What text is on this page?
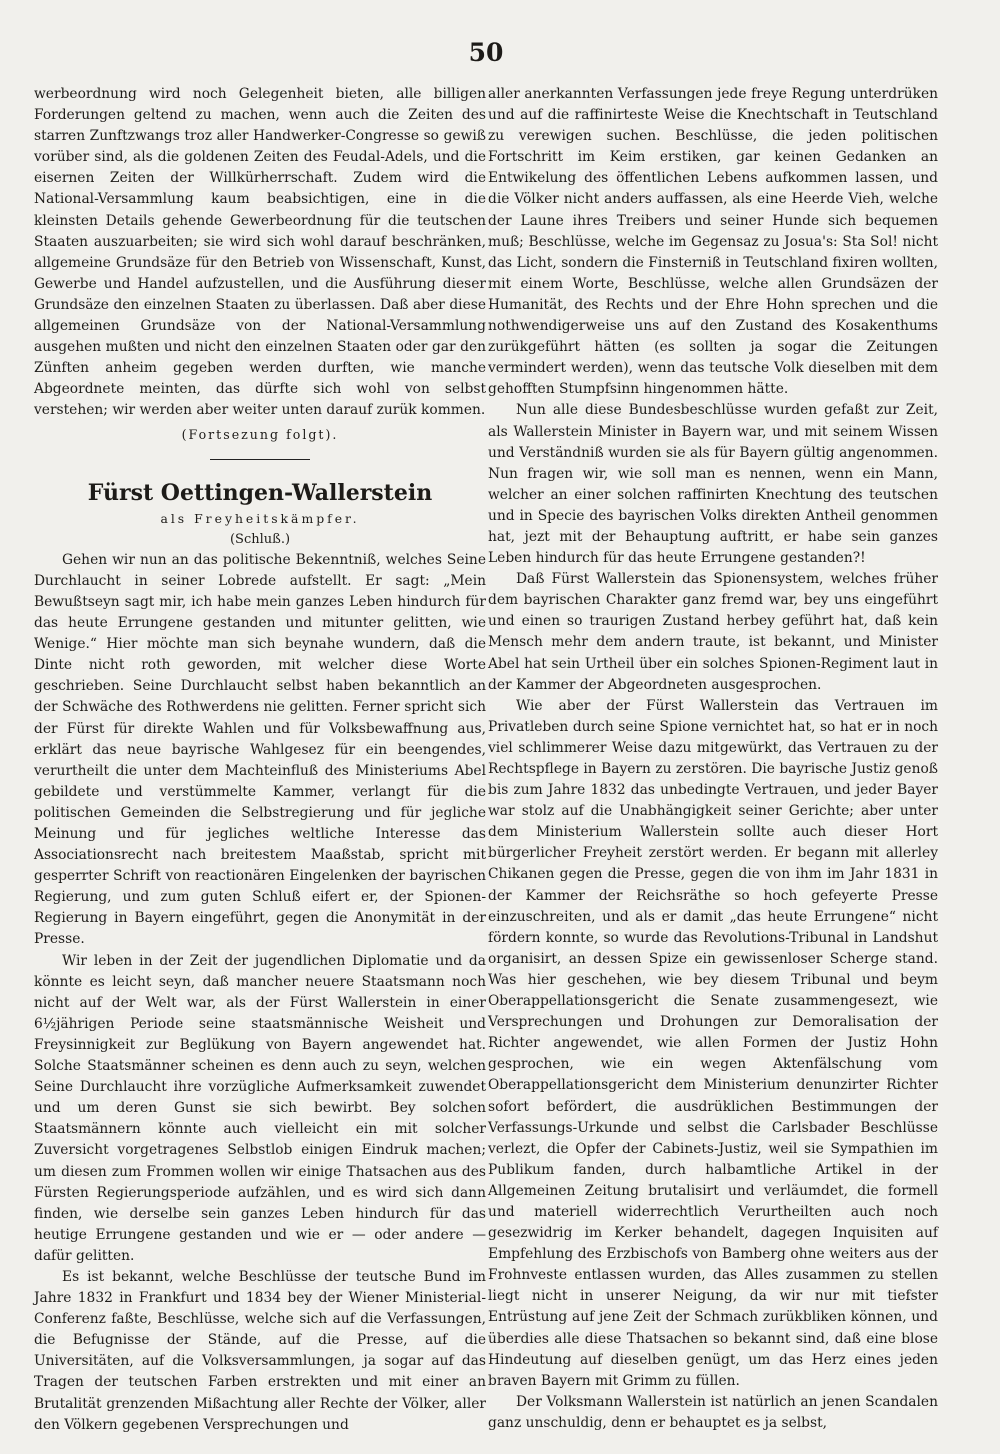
50

werbeordnung wird noch Gelegenheit bieten, alle billigen Forderungen geltend zu machen, wenn auch die Zeiten des starren Zunftzwangs troz aller Handwerker-Congresse so gewiß vorüber sind, als die goldenen Zeiten des Feudal-Adels, und die eisernen Zeiten der Willkürherrschaft. Zudem wird die National-Versammlung kaum beabsichtigen, eine in die kleinsten Details gehende Gewerbeordnung für die teutschen Staaten auszuarbeiten; sie wird sich wohl darauf beschränken, allgemeine Grundsäze für den Betrieb von Wissenschaft, Kunst, Gewerbe und Handel aufzustellen, und die Ausführung dieser Grundsäze den einzelnen Staaten zu überlassen. Daß aber diese allgemeinen Grundsäze von der National-Versammlung ausgehen mußten und nicht den einzelnen Staaten oder gar den Zünften anheim gegeben werden durften, wie manche Abgeordnete meinten, das dürfte sich wohl von selbst verstehen; wir werden aber weiter unten darauf zurük kommen.

(Fortsezung folgt).

Fürst Oettingen-Wallerstein

als Freyheitskämpfer.

(Schluß.)

Gehen wir nun an das politische Bekenntniß, welches Seine Durchlaucht in seiner Lobrede aufstellt. Er sagt: „Mein Bewußtseyn sagt mir, ich habe mein ganzes Leben hindurch für das heute Errungene gestanden und mitunter gelitten, wie Wenige.“ Hier möchte man sich beynahe wundern, daß die Dinte nicht roth geworden, mit welcher diese Worte geschrieben. Seine Durchlaucht selbst haben bekanntlich an der Schwäche des Rothwerdens nie gelitten. Ferner spricht sich der Fürst für direkte Wahlen und für Volksbewaffnung aus, erklärt das neue bayrische Wahlgesez für ein beengendes, verurtheilt die unter dem Machteinfluß des Ministeriums Abel gebildete und verstümmelte Kammer, verlangt für die politischen Gemeinden die Selbstregierung und für jegliche Meinung und für jegliches weltliche Interesse das Associationsrecht nach breitestem Maaßstab, spricht mit gesperrter Schrift von reactionären Eingelenken der bayrischen Regierung, und zum guten Schluß eifert er, der Spionen-Regierung in Bayern eingeführt, gegen die Anonymität in der Presse.

Wir leben in der Zeit der jugendlichen Diplomatie und da könnte es leicht seyn, daß mancher neuere Staatsmann noch nicht auf der Welt war, als der Fürst Wallerstein in einer 6½jährigen Periode seine staatsmännische Weisheit und Freysinnigkeit zur Beglükung von Bayern angewendet hat. Solche Staatsmänner scheinen es denn auch zu seyn, welchen Seine Durchlaucht ihre vorzügliche Aufmerksamkeit zuwendet und um deren Gunst sie sich bewirbt. Bey solchen Staatsmännern könnte auch vielleicht ein mit solcher Zuversicht vorgetragenes Selbstlob einigen Eindruk machen; um diesen zum Frommen wollen wir einige Thatsachen aus des Fürsten Regierungsperiode aufzählen, und es wird sich dann finden, wie derselbe sein ganzes Leben hindurch für das heutige Errungene gestanden und wie er — oder andere — dafür gelitten.

Es ist bekannt, welche Beschlüsse der teutsche Bund im Jahre 1832 in Frankfurt und 1834 bey der Wiener Ministerial-Conferenz faßte, Beschlüsse, welche sich auf die Verfassungen, die Befugnisse der Stände, auf die Presse, auf die Universitäten, auf die Volksversammlungen, ja sogar auf das Tragen der teutschen Farben erstrekten und mit einer an Brutalität grenzenden Mißachtung aller Rechte der Völker, aller den Völkern gegebenen Versprechungen und

aller anerkannten Verfassungen jede freye Regung unterdrüken und auf die raffinirteste Weise die Knechtschaft in Teutschland zu verewigen suchen. Beschlüsse, die jeden politischen Fortschritt im Keim erstiken, gar keinen Gedanken an Entwikelung des öffentlichen Lebens aufkommen lassen, und die Völker nicht anders auffassen, als eine Heerde Vieh, welche der Laune ihres Treibers und seiner Hunde sich bequemen muß; Beschlüsse, welche im Gegensaz zu Josua's: Sta Sol! nicht das Licht, sondern die Finsterniß in Teutschland fixiren wollten, mit einem Worte, Beschlüsse, welche allen Grundsäzen der Humanität, des Rechts und der Ehre Hohn sprechen und die nothwendigerweise uns auf den Zustand des Kosakenthums zurükgeführt hätten (es sollten ja sogar die Zeitungen vermindert werden), wenn das teutsche Volk dieselben mit dem gehofften Stumpfsinn hingenommen hätte.

Nun alle diese Bundesbeschlüsse wurden gefaßt zur Zeit, als Wallerstein Minister in Bayern war, und mit seinem Wissen und Verständniß wurden sie als für Bayern gültig angenommen. Nun fragen wir, wie soll man es nennen, wenn ein Mann, welcher an einer solchen raffinirten Knechtung des teutschen und in Specie des bayrischen Volks direkten Antheil genommen hat, jezt mit der Behauptung auftritt, er habe sein ganzes Leben hindurch für das heute Errungene gestanden?!

Daß Fürst Wallerstein das Spionensystem, welches früher dem bayrischen Charakter ganz fremd war, bey uns eingeführt und einen so traurigen Zustand herbey geführt hat, daß kein Mensch mehr dem andern traute, ist bekannt, und Minister Abel hat sein Urtheil über ein solches Spionen-Regiment laut in der Kammer der Abgeordneten ausgesprochen.

Wie aber der Fürst Wallerstein das Vertrauen im Privatleben durch seine Spione vernichtet hat, so hat er in noch viel schlimmerer Weise dazu mitgewürkt, das Vertrauen zu der Rechtspflege in Bayern zu zerstören. Die bayrische Justiz genoß bis zum Jahre 1832 das unbedingte Vertrauen, und jeder Bayer war stolz auf die Unabhängigkeit seiner Gerichte; aber unter dem Ministerium Wallerstein sollte auch dieser Hort bürgerlicher Freyheit zerstört werden. Er begann mit allerley Chikanen gegen die Presse, gegen die von ihm im Jahr 1831 in der Kammer der Reichsräthe so hoch gefeyerte Presse einzuschreiten, und als er damit „das heute Errungene“ nicht fördern konnte, so wurde das Revolutions-Tribunal in Landshut organisirt, an dessen Spize ein gewissenloser Scherge stand. Was hier geschehen, wie bey diesem Tribunal und beym Oberappellationsgericht die Senate zusammengesezt, wie Versprechungen und Drohungen zur Demoralisation der Richter angewendet, wie allen Formen der Justiz Hohn gesprochen, wie ein wegen Aktenfälschung vom Oberappellationsgericht dem Ministerium denunzirter Richter sofort befördert, die ausdrüklichen Bestimmungen der Verfassungs-Urkunde und selbst die Carlsbader Beschlüsse verlezt, die Opfer der Cabinets-Justiz, weil sie Sympathien im Publikum fanden, durch halbamtliche Artikel in der Allgemeinen Zeitung brutalisirt und verläumdet, die formell und materiell widerrechtlich Verurtheilten auch noch gesezwidrig im Kerker behandelt, dagegen Inquisiten auf Empfehlung des Erzbischofs von Bamberg ohne weiters aus der Frohnveste entlassen wurden, das Alles zusammen zu stellen liegt nicht in unserer Neigung, da wir nur mit tiefster Entrüstung auf jene Zeit der Schmach zurükbliken können, und überdies alle diese Thatsachen so bekannt sind, daß eine blose Hindeutung auf dieselben genügt, um das Herz eines jeden braven Bayern mit Grimm zu füllen.

Der Volksmann Wallerstein ist natürlich an jenen Scandalen ganz unschuldig, denn er behauptet es ja selbst,
